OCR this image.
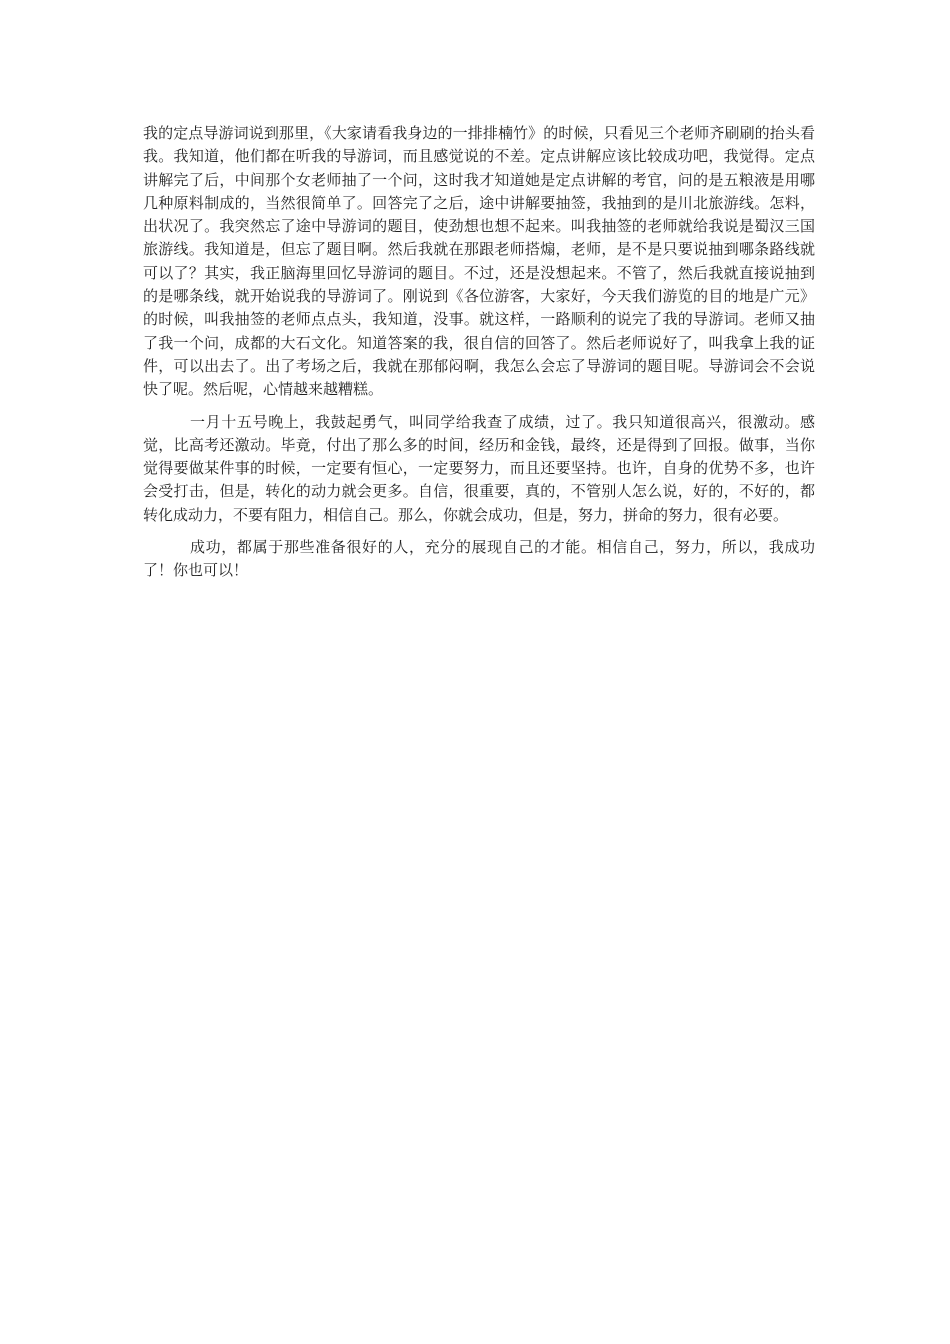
我的定点导游词说到那里，《大家请看我身边的一排排楠竹》的时候，只看见三个老师齐刷刷的抬头看我。我知道，他们都在听我的导游词，而且感觉说的不差。定点讲解应该比较成功吧，我觉得。定点讲解完了后，中间那个女老师抽了一个问，这时我才知道她是定点讲解的考官，问的是五粮液是用哪几种原料制成的，当然很简单了。回答完了之后，途中讲解要抽签，我抽到的是川北旅游线。怎料，出状况了。我突然忘了途中导游词的题目，使劲想也想不起来。叫我抽签的老师就给我说是蜀汉三国旅游线。我知道是，但忘了题目啊。然后我就在那跟老师搭煽，老师，是不是只要说抽到哪条路线就可以了？其实，我正脑海里回忆导游词的题目。不过，还是没想起来。不管了，然后我就直接说抽到的是哪条线，就开始说我的导游词了。刚说到《各位游客，大家好，今天我们游览的目的地是广元》的时候，叫我抽签的老师点点头，我知道，没事。就这样，一路顺利的说完了我的导游词。老师又抽了我一个问，成都的大石文化。知道答案的我，很自信的回答了。然后老师说好了，叫我拿上我的证件，可以出去了。出了考场之后，我就在那郁闷啊，我怎么会忘了导游词的题目呢。导游词会不会说快了呢。然后呢，心情越来越糟糕。

一月十五号晚上，我鼓起勇气，叫同学给我查了成绩，过了。我只知道很高兴，很激动。感觉，比高考还激动。毕竟，付出了那么多的时间，经历和金钱，最终，还是得到了回报。做事，当你觉得要做某件事的时候，一定要有恒心，一定要努力，而且还要坚持。也许，自身的优势不多，也许会受打击，但是，转化的动力就会更多。自信，很重要，真的，不管别人怎么说，好的，不好的，都转化成动力，不要有阻力，相信自己。那么，你就会成功，但是，努力，拼命的努力，很有必要。

成功，都属于那些准备很好的人，充分的展现自己的才能。相信自己，努力，所以，我成功了！你也可以！
